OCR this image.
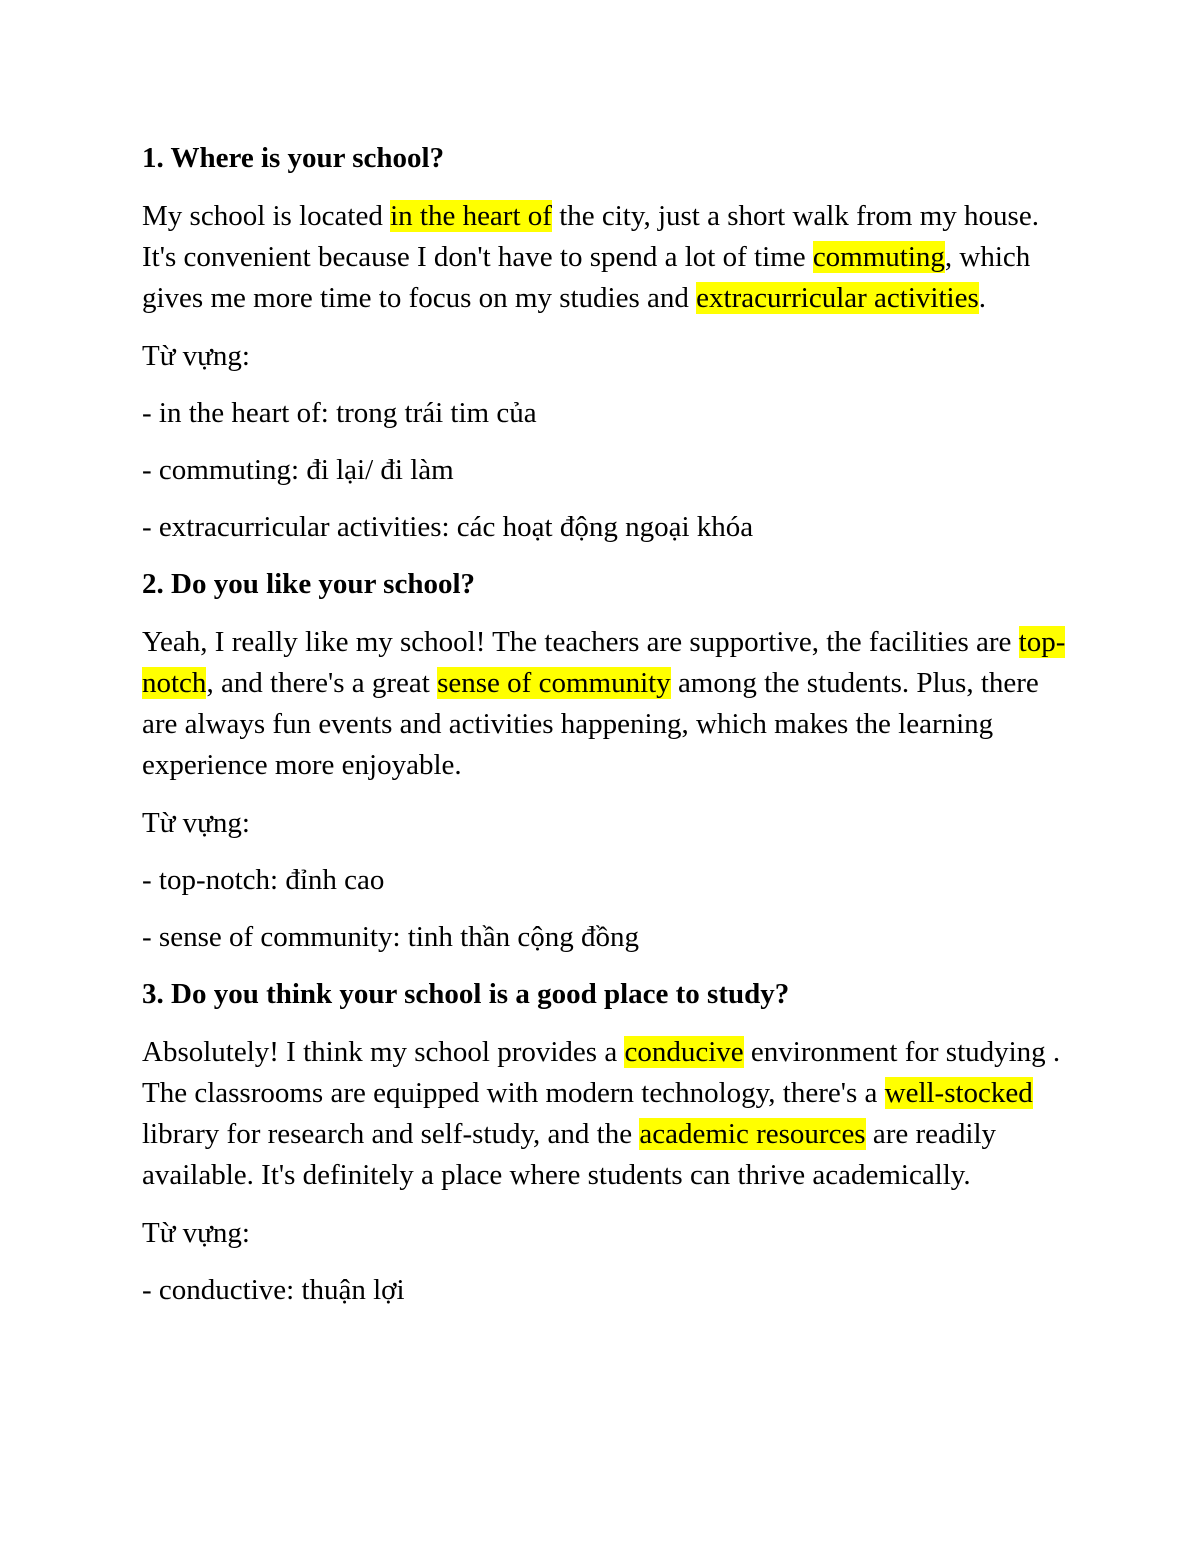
1. Where is your school?
My school is located in the heart of the city, just a short walk from my house. It's convenient because I don't have to spend a lot of time commuting, which gives me more time to focus on my studies and extracurricular activities.
Từ vựng:
- in the heart of: trong trái tim của
- commuting: đi lại/ đi làm
- extracurricular activities: các hoạt động ngoại khóa
2. Do you like your school?
Yeah, I really like my school! The teachers are supportive, the facilities are top-notch, and there's a great sense of community among the students. Plus, there are always fun events and activities happening, which makes the learning experience more enjoyable.
Từ vựng:
- top-notch: đỉnh cao
- sense of community: tinh thần cộng đồng
3. Do you think your school is a good place to study?
Absolutely! I think my school provides a conducive environment for studying . The classrooms are equipped with modern technology, there's a well-stocked library for research and self-study, and the academic resources are readily available. It's definitely a place where students can thrive academically.
Từ vựng:
- conductive: thuận lợi
